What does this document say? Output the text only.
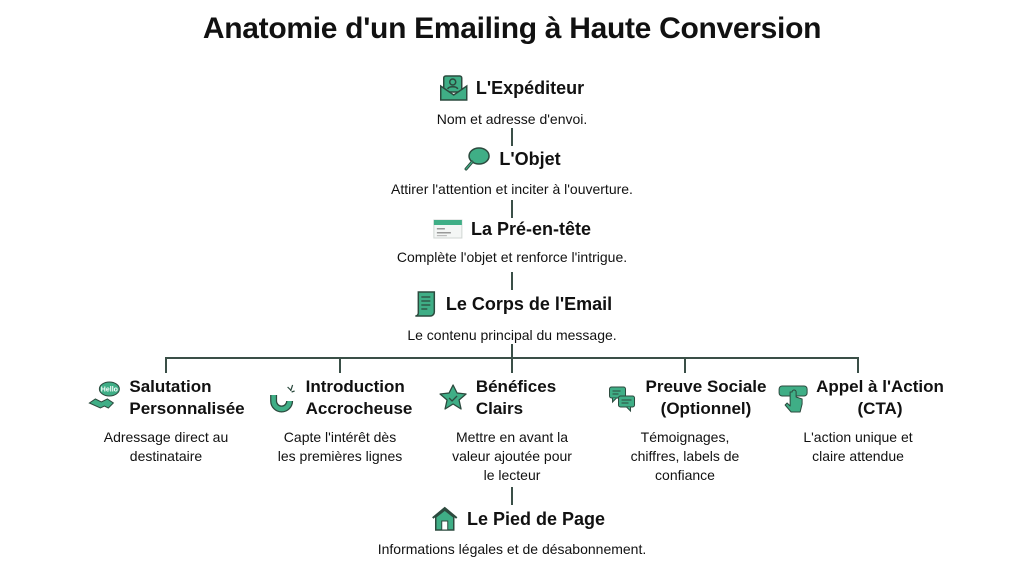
Anatomie d'un Emailing à Haute Conversion
L'Expéditeur
Nom et adresse d'envoi.
L'Objet
Attirer l'attention et inciter à l'ouverture.
La Pré-en-tête
Complète l'objet et renforce l'intrigue.
Le Corps de l'Email
Le contenu principal du message.
Hello Salutation
Personnalisée
Adressage direct au
destinataire
Introduction
Accrocheuse
Capte l'intérêt dès
les premières lignes
Bénéfices
Clairs
Mettre en avant la
valeur ajoutée pour
le lecteur
Preuve Sociale
(Optionnel)
Témoignages,
chiffres, labels de
confiance
Appel à l'Action
(CTA)
L'action unique et
claire attendue
Le Pied de Page
Informations légales et de désabonnement.
